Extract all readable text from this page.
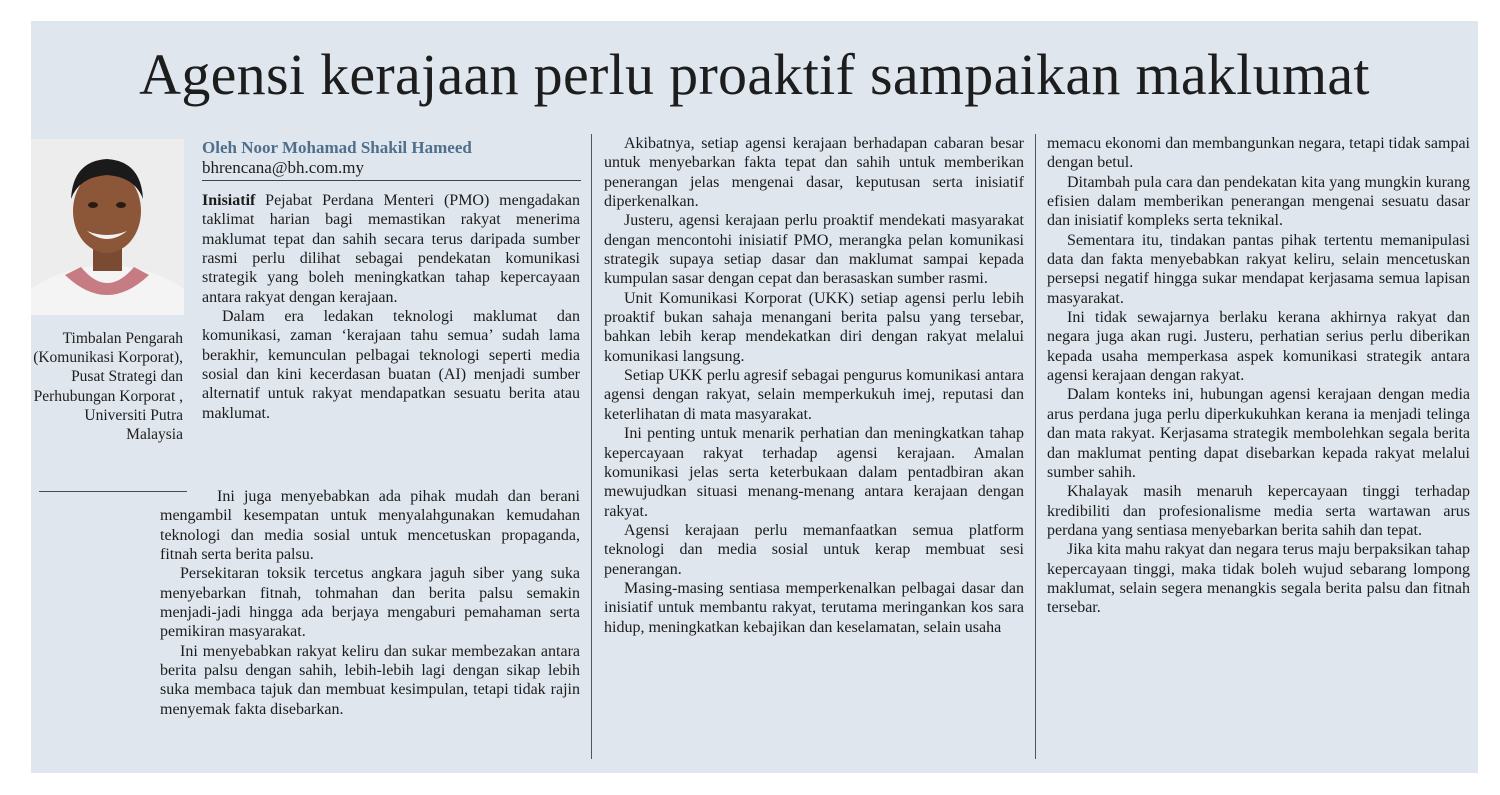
Agensi kerajaan perlu proaktif sampaikan maklumat
Timbalan Pengarah (Komunikasi Korporat), Pusat Strategi dan Perhubungan Korporat , Universiti Putra Malaysia

Oleh Noor Mohamad Shakil Hameed

bhrencana@bh.com.my

Inisiatif Pejabat Perdana Menteri (PMO) mengadakan taklimat harian bagi memastikan rakyat menerima maklumat tepat dan sahih secara terus daripada sumber rasmi perlu dilihat sebagai pendekatan komunikasi strategik yang boleh meningkatkan tahap kepercayaan antara rakyat dengan kerajaan.

Dalam era ledakan teknologi maklumat dan komunikasi, zaman ‘kerajaan tahu semua’ sudah lama berakhir, kemunculan pelbagai teknologi seperti media sosial dan kini kecerdasan buatan (AI) menjadi sumber alternatif untuk rakyat mendapatkan sesuatu berita atau maklumat.

Ini juga menyebabkan ada pihak mudah dan berani mengambil kesempatan untuk menyalahgunakan kemudahan teknologi dan media sosial untuk mencetuskan propaganda, fitnah serta berita palsu.

Persekitaran toksik tercetus angkara jaguh siber yang suka menyebarkan fitnah, tohmahan dan berita palsu semakin menjadi-jadi hingga ada berjaya mengaburi pemahaman serta pemikiran masyarakat.

Ini menyebabkan rakyat keliru dan sukar membezakan antara berita palsu dengan sahih, lebih-lebih lagi dengan sikap lebih suka membaca tajuk dan membuat kesimpulan, tetapi tidak rajin menyemak fakta disebarkan.

Akibatnya, setiap agensi kerajaan berhadapan cabaran besar untuk menyebarkan fakta tepat dan sahih untuk memberikan penerangan jelas mengenai dasar, keputusan serta inisiatif diperkenalkan.

Justeru, agensi kerajaan perlu proaktif mendekati masyarakat dengan mencontohi inisiatif PMO, merangka pelan komunikasi strategik supaya setiap dasar dan maklumat sampai kepada kumpulan sasar dengan cepat dan berasaskan sumber rasmi.

Unit Komunikasi Korporat (UKK) setiap agensi perlu lebih proaktif bukan sahaja menangani berita palsu yang tersebar, bahkan lebih kerap mendekatkan diri dengan rakyat melalui komunikasi langsung.

Setiap UKK perlu agresif sebagai pengurus komunikasi antara agensi dengan rakyat, selain memperkukuh imej, reputasi dan keterlihatan di mata masyarakat.

Ini penting untuk menarik perhatian dan meningkatkan tahap kepercayaan rakyat terhadap agensi kerajaan. Amalan komunikasi jelas serta keterbukaan dalam pentadbiran akan mewujudkan situasi menang-menang antara kerajaan dengan rakyat.

Agensi kerajaan perlu memanfaatkan semua platform teknologi dan media sosial untuk kerap membuat sesi penerangan.

Masing-masing sentiasa memperkenalkan pelbagai dasar dan inisiatif untuk membantu rakyat, terutama meringankan kos sara hidup, meningkatkan kebajikan dan keselamatan, selain usaha

memacu ekonomi dan membangunkan negara, tetapi tidak sampai dengan betul.

Ditambah pula cara dan pendekatan kita yang mungkin kurang efisien dalam memberikan penerangan mengenai sesuatu dasar dan inisiatif kompleks serta teknikal.

Sementara itu, tindakan pantas pihak tertentu memanipulasi data dan fakta menyebabkan rakyat keliru, selain mencetuskan persepsi negatif hingga sukar mendapat kerjasama semua lapisan masyarakat.

Ini tidak sewajarnya berlaku kerana akhirnya rakyat dan negara juga akan rugi. Justeru, perhatian serius perlu diberikan kepada usaha memperkasa aspek komunikasi strategik antara agensi kerajaan dengan rakyat.

Dalam konteks ini, hubungan agensi kerajaan dengan media arus perdana juga perlu diperkukuhkan kerana ia menjadi telinga dan mata rakyat. Kerjasama strategik membolehkan segala berita dan maklumat penting dapat disebarkan kepada rakyat melalui sumber sahih.

Khalayak masih menaruh kepercayaan tinggi terhadap kredibiliti dan profesionalisme media serta wartawan arus perdana yang sentiasa menyebarkan berita sahih dan tepat.

Jika kita mahu rakyat dan negara terus maju berpaksikan tahap kepercayaan tinggi, maka tidak boleh wujud sebarang lompong maklumat, selain segera menangkis segala berita palsu dan fitnah tersebar.
